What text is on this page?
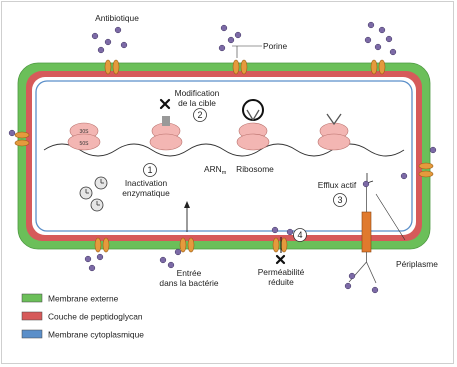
30S
50S
1
2
3
4
Antibiotique
Porine
Modification
de la cible
$ARN_m$ Ribosome
Inactivation
enzymatique
Efflux actif
Entrée
dans la bactérie
Perméabilité
réduite
Périplasme
Membrane externe
Couche de peptidoglycan
Membrane cytoplasmique
